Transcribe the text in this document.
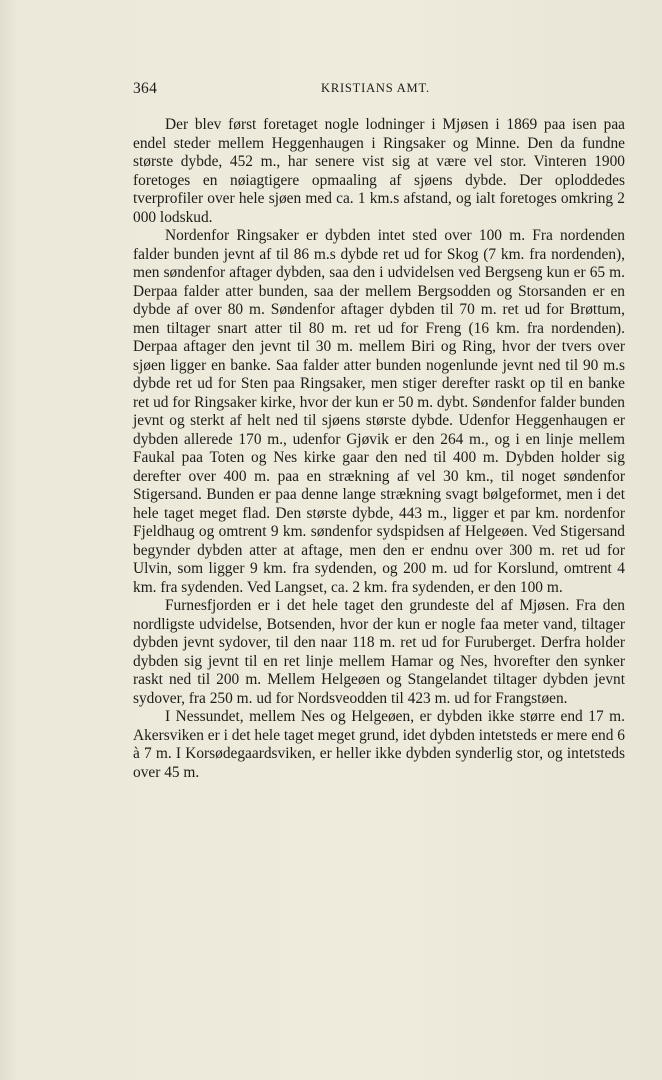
364	KRISTIANS AMT.

Der blev først foretaget nogle lodninger i Mjøsen i 1869 paa isen paa endel steder mellem Heggenhaugen i Ringsaker og Minne. Den da fundne største dybde, 452 m., har senere vist sig at være vel stor. Vinteren 1900 foretoges en nøiagtigere opmaaling af sjøens dybde. Der oploddedes tverprofiler over hele sjøen med ca. 1 km.s afstand, og ialt foretoges omkring 2 000 lodskud.

Nordenfor Ringsaker er dybden intet sted over 100 m. Fra nordenden falder bunden jevnt af til 86 m.s dybde ret ud for Skog (7 km. fra nordenden), men søndenfor aftager dybden, saa den i udvidelsen ved Bergseng kun er 65 m. Derpaa falder atter bunden, saa der mellem Bergsodden og Storsanden er en dybde af over 80 m. Søndenfor aftager dybden til 70 m. ret ud for Brøttum, men tiltager snart atter til 80 m. ret ud for Freng (16 km. fra nordenden). Derpaa aftager den jevnt til 30 m. mellem Biri og Ring, hvor der tvers over sjøen ligger en banke. Saa falder atter bunden nogenlunde jevnt ned til 90 m.s dybde ret ud for Sten paa Ringsaker, men stiger derefter raskt op til en banke ret ud for Ringsaker kirke, hvor der kun er 50 m. dybt. Søndenfor falder bunden jevnt og sterkt af helt ned til sjøens største dybde. Udenfor Heggenhaugen er dybden allerede 170 m., udenfor Gjøvik er den 264 m., og i en linje mellem Faukal paa Toten og Nes kirke gaar den ned til 400 m. Dybden holder sig derefter over 400 m. paa en strækning af vel 30 km., til noget søndenfor Stigersand. Bunden er paa denne lange strækning svagt bølgeformet, men i det hele taget meget flad. Den største dybde, 443 m., ligger et par km. nordenfor Fjeldhaug og omtrent 9 km. søndenfor sydspidsen af Helgeøen. Ved Stigersand begynder dybden atter at aftage, men den er endnu over 300 m. ret ud for Ulvin, som ligger 9 km. fra sydenden, og 200 m. ud for Korslund, omtrent 4 km. fra sydenden. Ved Langset, ca. 2 km. fra sydenden, er den 100 m.

Furnesfjorden er i det hele taget den grundeste del af Mjøsen. Fra den nordligste udvidelse, Botsenden, hvor der kun er nogle faa meter vand, tiltager dybden jevnt sydover, til den naar 118 m. ret ud for Furuberget. Derfra holder dybden sig jevnt til en ret linje mellem Hamar og Nes, hvorefter den synker raskt ned til 200 m. Mellem Helgeøen og Stangelandet tiltager dybden jevnt sydover, fra 250 m. ud for Nordsveodden til 423 m. ud for Frangstøen.

I Nessundet, mellem Nes og Helgeøen, er dybden ikke større end 17 m. Akersviken er i det hele taget meget grund, idet dybden intetsteds er mere end 6 à 7 m. I Korsødegaardsviken, er heller ikke dybden synderlig stor, og intetsteds over 45 m.
